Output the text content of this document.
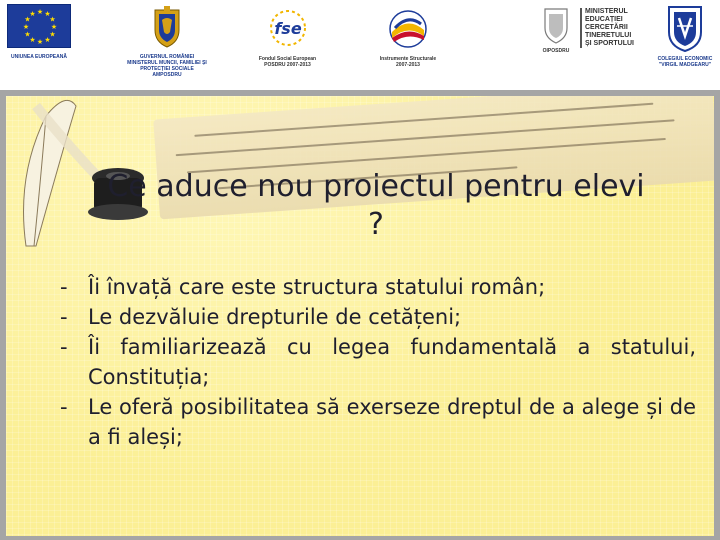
★ ★
★
★
★
★
★
★
★
★
★
★
UNIUNEA EUROPEANĂ	GUVERNUL ROMÂNIEI
MINISTERUL MUNCII, FAMILIEI ȘI
PROTECȚIEI SOCIALE
AMPOSDRU
fse
Fondul Social European
POSDRU 2007-2013
Instrumente Structurale
2007-2013
OIPOSDRU
MINISTERUL
EDUCAȚIEI
CERCETĂRII
TINERETULUI
ȘI SPORTULUI
COLEGIUL ECONOMIC
"VIRGIL MADGEARU"
Ce aduce nou proiectul pentru elevi ?
- Îi învață care este structura statului român;
- Le dezvăluie drepturile de cetățeni;
- Îi familiarizează cu legea fundamentală a statului, Constituția;
- Le oferă posibilitatea să exerseze dreptul de a alege și de a fi aleși;
